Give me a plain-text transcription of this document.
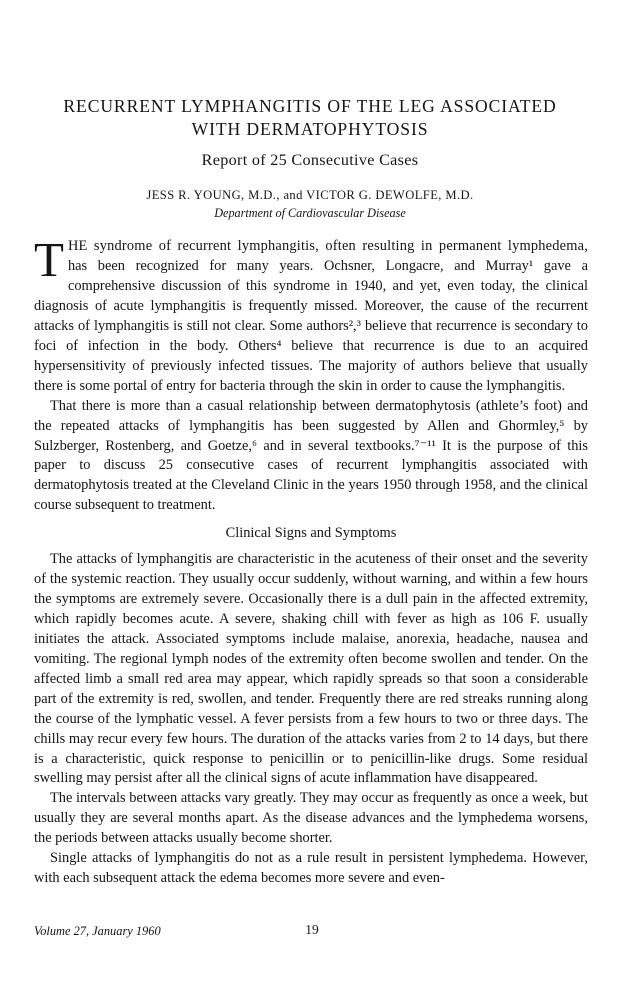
RECURRENT LYMPHANGITIS OF THE LEG ASSOCIATED
WITH DERMATOPHYTOSIS
Report of 25 Consecutive Cases
JESS R. YOUNG, M.D., and VICTOR G. DEWOLFE, M.D.
Department of Cardiovascular Disease

THE syndrome of recurrent lymphangitis, often resulting in permanent lymphedema, has been recognized for many years. Ochsner, Longacre, and Murray¹ gave a comprehensive discussion of this syndrome in 1940, and yet, even today, the clinical diagnosis of acute lymphangitis is frequently missed. Moreover, the cause of the recurrent attacks of lymphangitis is still not clear. Some authors²,³ believe that recurrence is secondary to foci of infection in the body. Others⁴ believe that recurrence is due to an acquired hypersensitivity of previously infected tissues. The majority of authors believe that usually there is some portal of entry for bacteria through the skin in order to cause the lymphangitis.

That there is more than a casual relationship between dermatophytosis (athlete’s foot) and the repeated attacks of lymphangitis has been suggested by Allen and Ghormley,⁵ by Sulzberger, Rostenberg, and Goetze,⁶ and in several textbooks.⁷⁻¹¹ It is the purpose of this paper to discuss 25 consecutive cases of recurrent lymphangitis associated with dermatophytosis treated at the Cleveland Clinic in the years 1950 through 1958, and the clinical course subsequent to treatment.

Clinical Signs and Symptoms

The attacks of lymphangitis are characteristic in the acuteness of their onset and the severity of the systemic reaction. They usually occur suddenly, without warning, and within a few hours the symptoms are extremely severe. Occasionally there is a dull pain in the affected extremity, which rapidly becomes acute. A severe, shaking chill with fever as high as 106 F. usually initiates the attack. Associated symptoms include malaise, anorexia, headache, nausea and vomiting. The regional lymph nodes of the extremity often become swollen and tender. On the affected limb a small red area may appear, which rapidly spreads so that soon a considerable part of the extremity is red, swollen, and tender. Frequently there are red streaks running along the course of the lymphatic vessel. A fever persists from a few hours to two or three days. The chills may recur every few hours. The duration of the attacks varies from 2 to 14 days, but there is a characteristic, quick response to penicillin or to penicillin-like drugs. Some residual swelling may persist after all the clinical signs of acute inflammation have disappeared.

The intervals between attacks vary greatly. They may occur as frequently as once a week, but usually they are several months apart. As the disease advances and the lymphedema worsens, the periods between attacks usually become shorter.

Single attacks of lymphangitis do not as a rule result in persistent lymphedema. However, with each subsequent attack the edema becomes more severe and even-

Volume 27, January 1960	19
